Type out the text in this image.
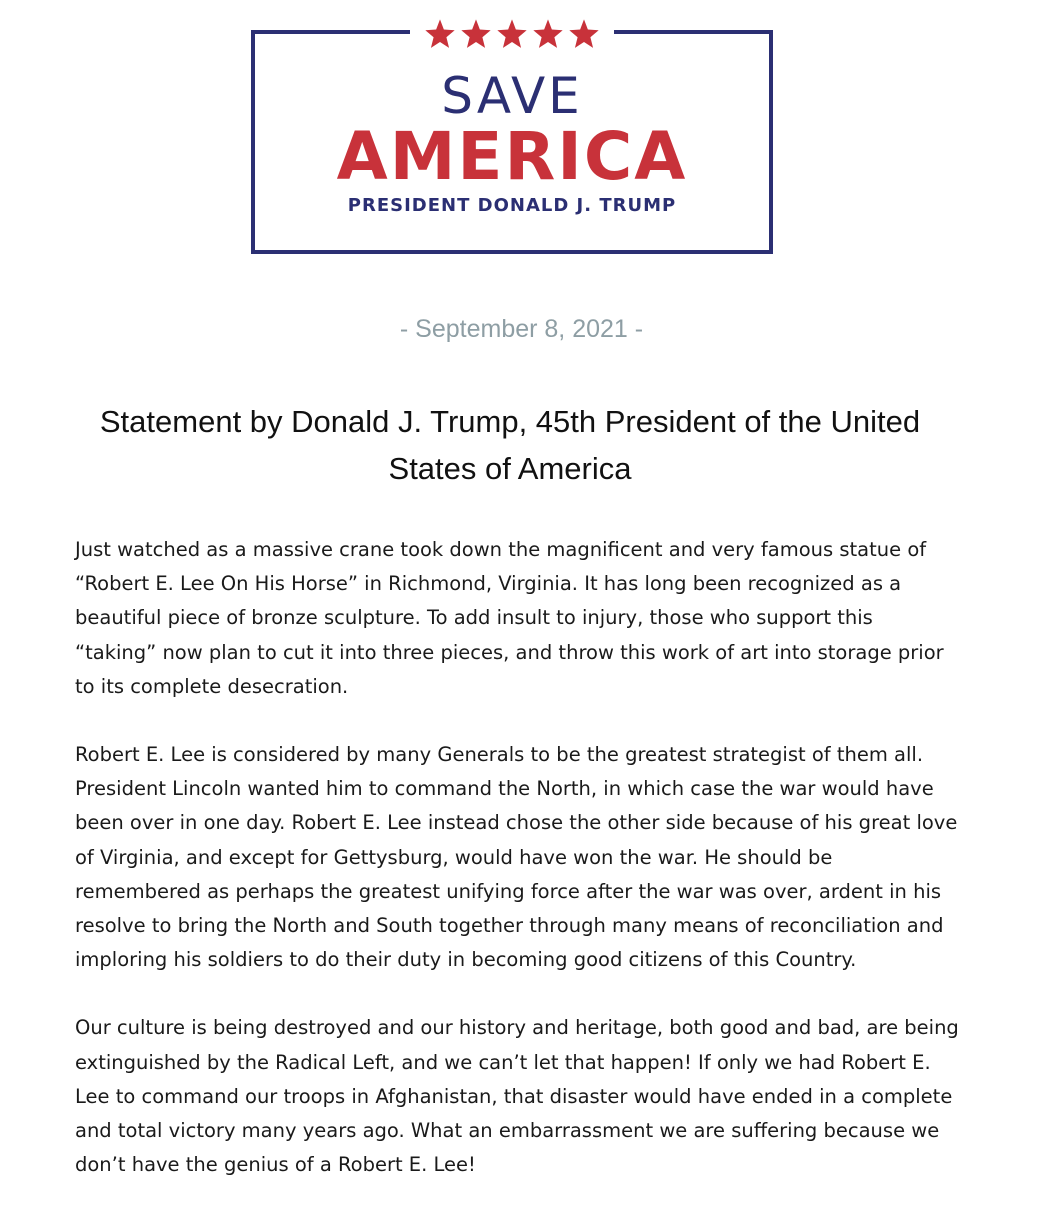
SAVE
AMERICA
PRESIDENT DONALD J. TRUMP
- September 8, 2021 -
Statement by Donald J. Trump, 45th President of the United States of America

Just watched as a massive crane took down the magnificent and very famous statue of “Robert E. Lee On His Horse” in Richmond, Virginia. It has long been recognized as a beautiful piece of bronze sculpture. To add insult to injury, those who support this “taking” now plan to cut it into three pieces, and throw this work of art into storage prior to its complete desecration.

Robert E. Lee is considered by many Generals to be the greatest strategist of them all. President Lincoln wanted him to command the North, in which case the war would have been over in one day. Robert E. Lee instead chose the other side because of his great love of Virginia, and except for Gettysburg, would have won the war. He should be remembered as perhaps the greatest unifying force after the war was over, ardent in his resolve to bring the North and South together through many means of reconciliation and imploring his soldiers to do their duty in becoming good citizens of this Country.

Our culture is being destroyed and our history and heritage, both good and bad, are being extinguished by the Radical Left, and we can’t let that happen! If only we had Robert E. Lee to command our troops in Afghanistan, that disaster would have ended in a complete and total victory many years ago. What an embarrassment we are suffering because we don’t have the genius of a Robert E. Lee!
